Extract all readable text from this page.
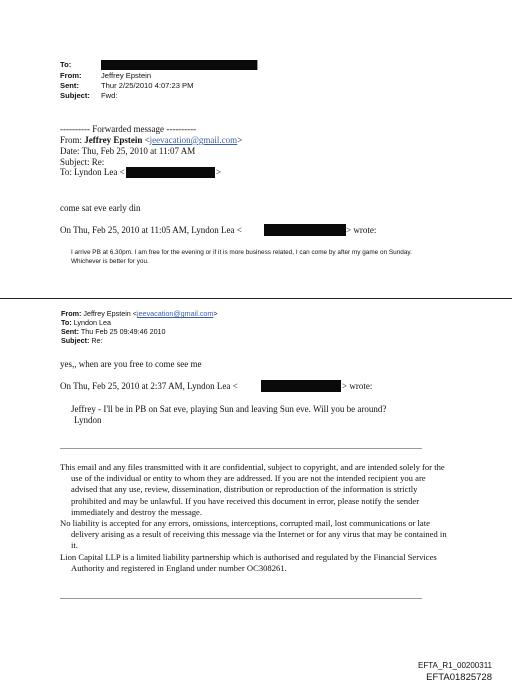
To:
From:	Jeffrey Epstein
Sent:	Thur 2/25/2010 4:07:23 PM
Subject: Fwd:
---------- Forwarded message ----------
From: Jeffrey Epstein <jeevacation@gmail.com>
Date: Thu, Feb 25, 2010 at 11:07 AM
Subject: Re:
To: Lyndon Lea <	>
come sat eve early din
On Thu, Feb 25, 2010 at 11:05 AM, Lyndon Lea <	> wrote:
I arrive PB at 6.30pm. I am free for the evening or if it is more business related, I can come by after my game on Sunday. Whichever is better for you.
From: Jeffrey Epstein <jeevacation@gmail.com>
To: Lyndon Lea
Sent: Thu Feb 25 09:49:46 2010
Subject: Re:
yes,, when are you free to come see me
On Thu, Feb 25, 2010 at 2:37 AM, Lyndon Lea <	> wrote:
Jeffrey - I'll be in PB on Sat eve, playing Sun and leaving Sun eve. Will you be around?
Lyndon

This email and any files transmitted with it are confidential, subject to copyright, and are intended solely for the use of the individual or entity to whom they are addressed. If you are not the intended recipient you are advised that any use, review, dissemination, distribution or reproduction of the information is strictly prohibited and may be unlawful. If you have received this document in error, please notify the sender immediately and destroy the message.

No liability is accepted for any errors, omissions, interceptions, corrupted mail, lost communications or late delivery arising as a result of receiving this message via the Internet or for any virus that may be contained in it.

Lion Capital LLP is a limited liability partnership which is authorised and regulated by the Financial Services Authority and registered in England under number OC308261.

EFTA_R1_00200311
EFTA01825728
